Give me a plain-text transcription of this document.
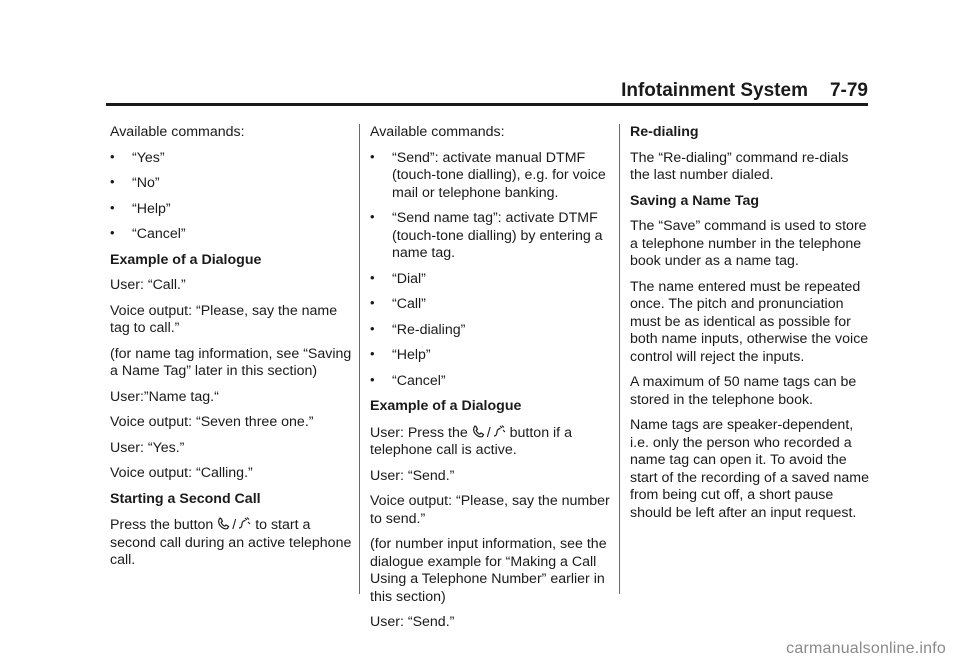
Infotainment System 7-79

Available commands:

• “Yes”
• “No”
• “Help”
• “Cancel”

Example of a Dialogue

User: “Call.”

Voice output: “Please, say the name tag to call.”

(for name tag information, see “Saving a Name Tag” later in this section)

User:”Name tag.“

Voice output: “Seven three one.”

User: “Yes.”

Voice output: “Calling.”

Starting a Second Call

Press the button / to start a second call during an active telephone call.

Available commands:

• “Send”: activate manual DTMF (touch-tone dialling), e.g. for voice mail or telephone banking.
• “Send name tag”: activate DTMF (touch-tone dialling) by entering a name tag.
• “Dial”
• “Call”
• “Re-dialing”
• “Help”
• “Cancel”

Example of a Dialogue

User: Press the / button if a telephone call is active.

User: “Send.”

Voice output: “Please, say the number to send.”

(for number input information, see the dialogue example for “Making a Call Using a Telephone Number” earlier in this section)

User: “Send.”

Re-dialing

The “Re-dialing” command re-dials the last number dialed.

Saving a Name Tag

The “Save” command is used to store a telephone number in the telephone book under as a name tag.

The name entered must be repeated once. The pitch and pronunciation must be as identical as possible for both name inputs, otherwise the voice control will reject the inputs.

A maximum of 50 name tags can be stored in the telephone book.

Name tags are speaker-dependent, i.e. only the person who recorded a name tag can open it. To avoid the start of the recording of a saved name from being cut off, a short pause should be left after an input request.

carmanualsonline.info
